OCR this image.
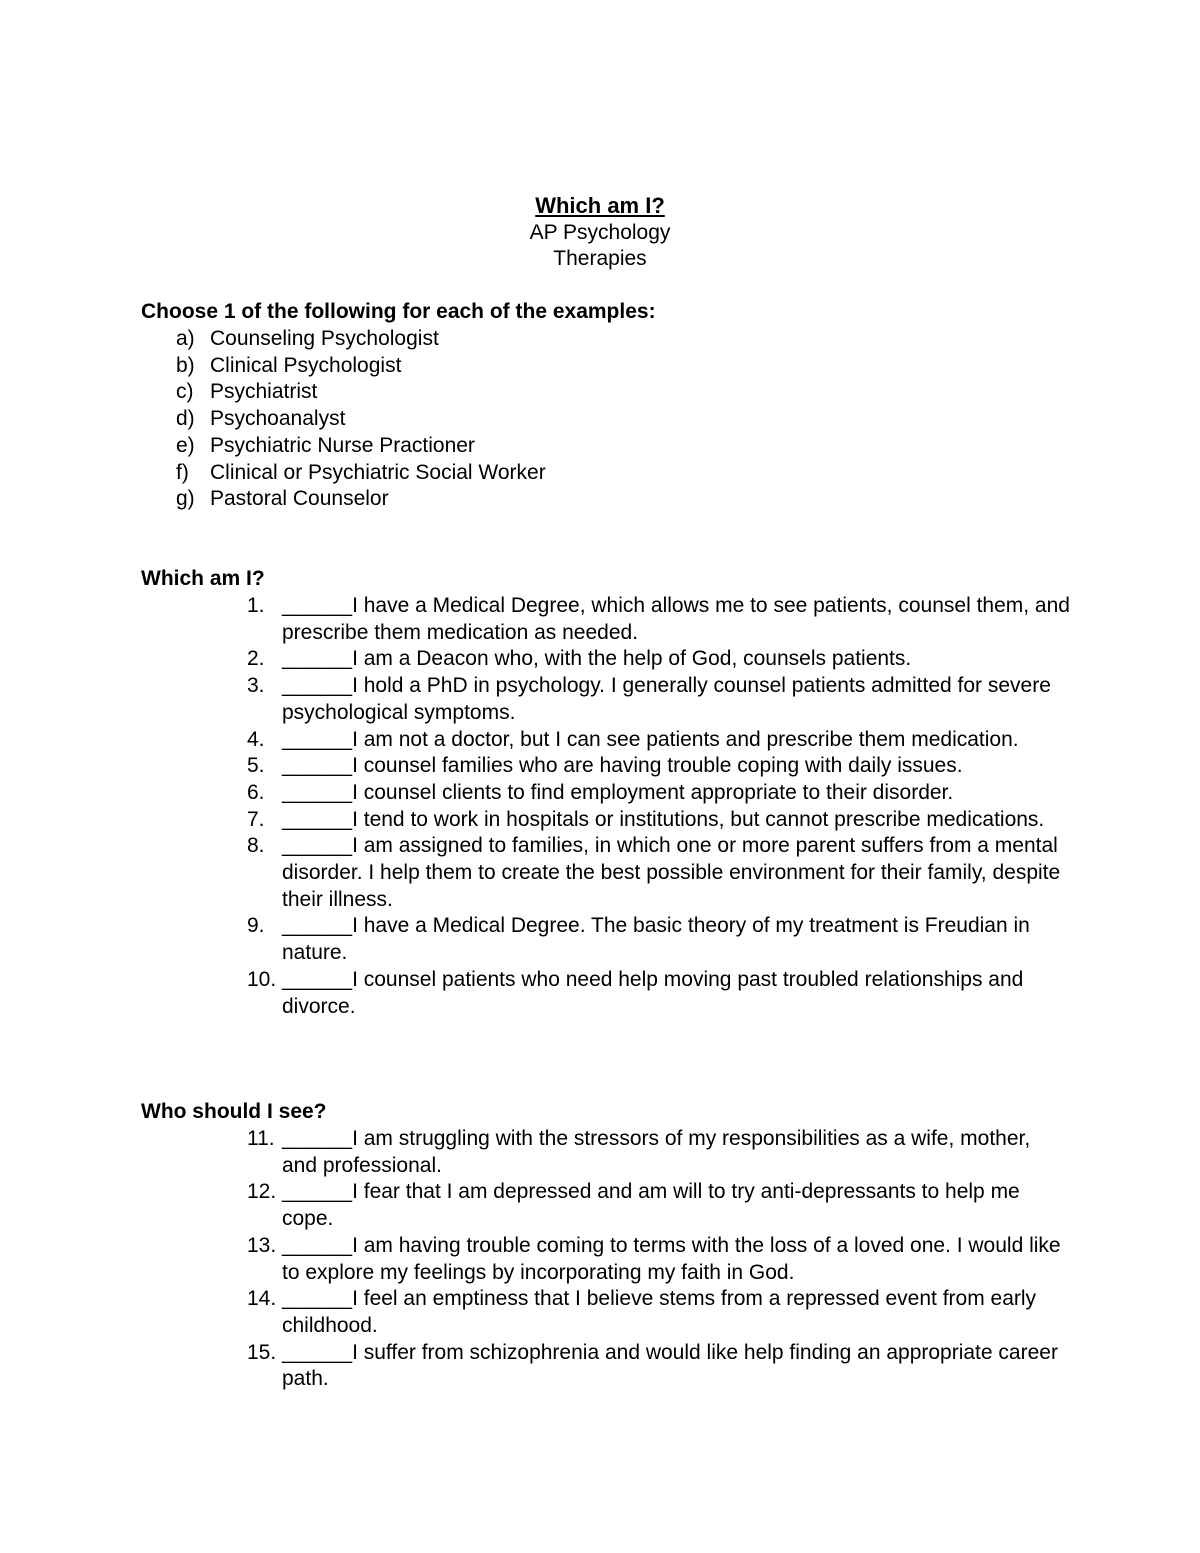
Which am I?
AP Psychology
Therapies

Choose 1 of the following for each of the examples:

a) Counseling Psychologist
b) Clinical Psychologist
c) Psychiatrist
d) Psychoanalyst
e) Psychiatric Nurse Practioner
f)	Clinical or Psychiatric Social Worker
g) Pastoral Counselor

Which am I?

1. ______I have a Medical Degree, which allows me to see patients, counsel them, and prescribe them medication as needed.
2. ______I am a Deacon who, with the help of God, counsels patients.
3. ______I hold a PhD in psychology. I generally counsel patients admitted for severe psychological symptoms.
4. ______I am not a doctor, but I can see patients and prescribe them medication.
5. ______I counsel families who are having trouble coping with daily issues.
6. ______I counsel clients to find employment appropriate to their disorder.
7. ______I tend to work in hospitals or institutions, but cannot prescribe medications.
8. ______I am assigned to families, in which one or more parent suffers from a mental disorder. I help them to create the best possible environment for their family, despite their illness.
9. ______I have a Medical Degree. The basic theory of my treatment is Freudian in nature.
10. ______I counsel patients who need help moving past troubled relationships and divorce.

Who should I see?

11. ______I am struggling with the stressors of my responsibilities as a wife, mother, and professional.
12. ______I fear that I am depressed and am will to try anti-depressants to help me cope.
13. ______I am having trouble coming to terms with the loss of a loved one. I would like to explore my feelings by incorporating my faith in God.
14. ______I feel an emptiness that I believe stems from a repressed event from early childhood.
15. ______I suffer from schizophrenia and would like help finding an appropriate career path.
